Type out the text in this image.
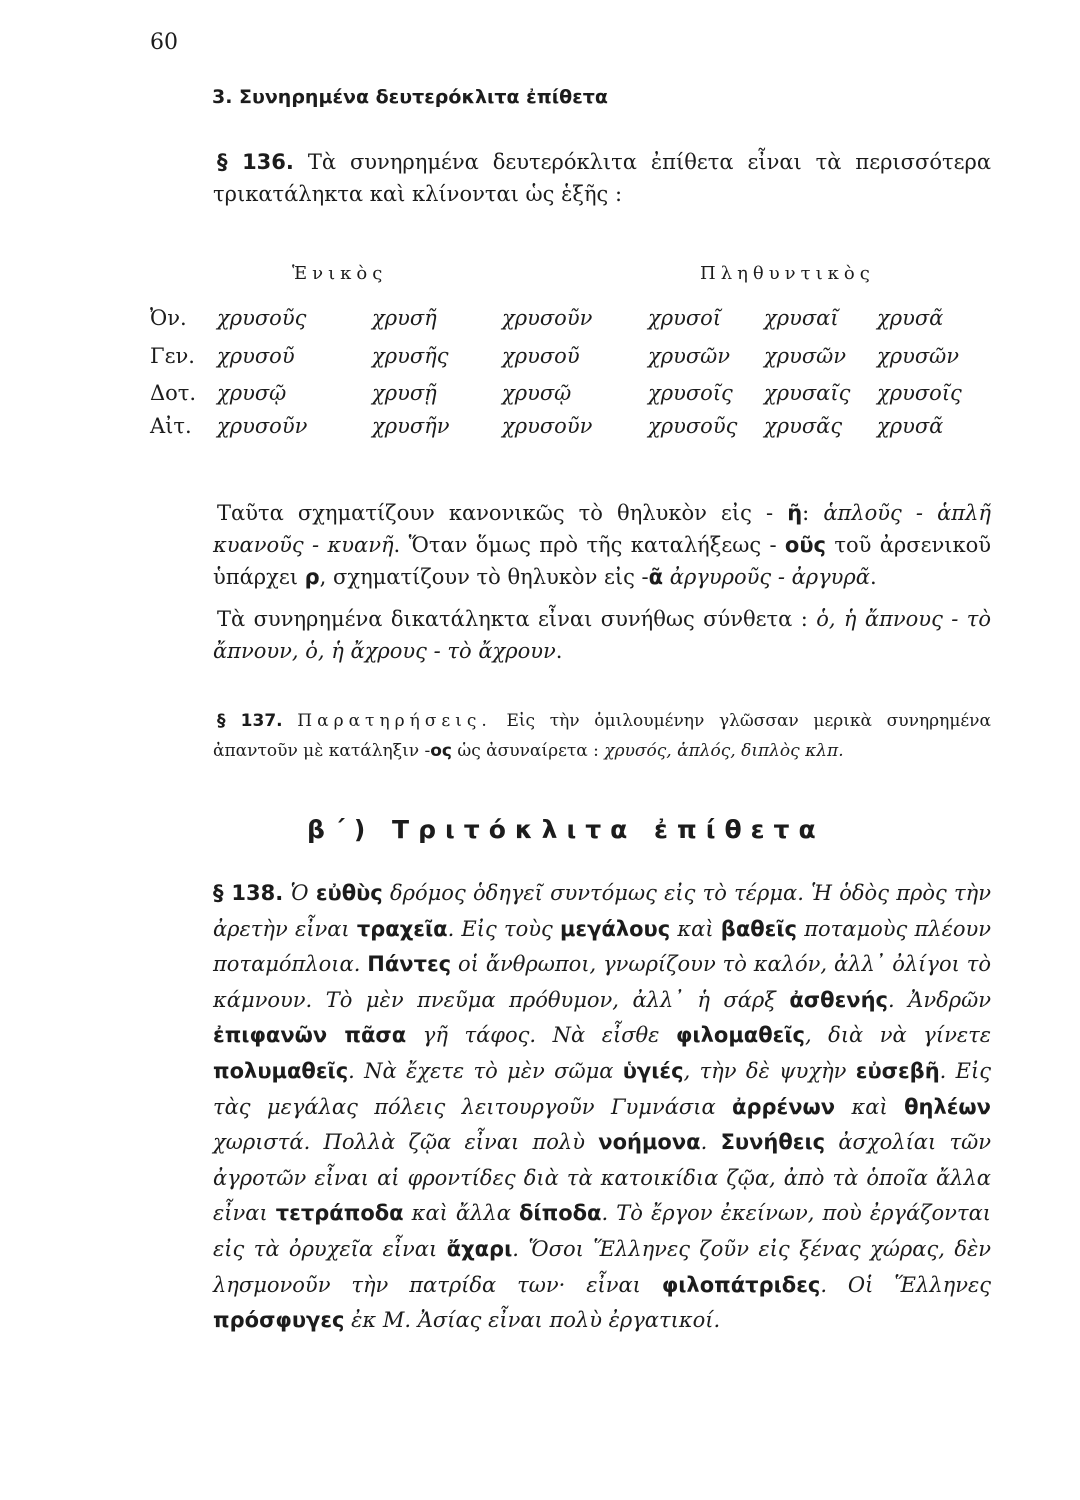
60
3. Συνηρημένα δευτερόκλιτα ἐπίθετα

§ 136. Τὰ συνηρημένα δευτερόκλιτα ἐπίθετα εἶναι τὰ περισσότερα τρικατάληκτα καὶ κλίνονται ὡς ἑξῆς :

Ἑνικὸς	Πληθυντικὸς
Ὀν. χρυσοῦς	χρυσῆ	χρυσοῦν	χρυσοῖ χρυσαῖ χρυσᾶ
Γεν. χρυσοῦ	χρυσῆς	χρυσοῦ	χρυσῶν χρυσῶν χρυσῶν
Δοτ. χρυσῷ	χρυσῇ	χρυσῷ	χρυσοῖς χρυσαῖς χρυσοῖς
Αἰτ. χρυσοῦν	χρυσῆν χρυσοῦν	χρυσοῦς χρυσᾶς χρυσᾶ

Ταῦτα σχηματίζουν κανονικῶς τὸ θηλυκὸν εἰς - ῆ: ἁπλοῦς - ἁπλῆ κυανοῦς - κυανῆ. Ὅταν ὅμως πρὸ τῆς καταλήξεως - οῦς τοῦ ἀρσενικοῦ ὑπάρχει ρ, σχηματίζουν τὸ θηλυκὸν εἰς -ᾶ ἀργυροῦς - ἀργυρᾶ.

Τὰ συνηρημένα δικατάληκτα εἶναι συνήθως σύνθετα : ὁ, ἡ ἄπνους - τὸ ἄπνουν, ὁ, ἡ ἄχρους - τὸ ἄχρουν.

§ 137. Παρατηρήσεις. Εἰς τὴν ὁμιλουμένην γλῶσσαν μερικὰ συνηρημένα ἀπαντοῦν μὲ κατάληξιν -ος ὡς ἀσυναίρετα : χρυσός, ἁπλός, διπλὸς κλπ.

β΄) Τριτόκλιτα ἐπίθετα

§ 138. Ὁ εὐθὺς δρόμος ὁδηγεῖ συντόμως εἰς τὸ τέρμα. Ἡ ὁδὸς πρὸς τὴν ἀρετὴν εἶναι τραχεῖα. Εἰς τοὺς μεγάλους καὶ βαθεῖς ποταμοὺς πλέουν ποταμόπλοια. Πάντες οἱ ἄνθρωποι, γνωρίζουν τὸ καλόν, ἀλλ᾽ ὀλίγοι τὸ κάμνουν. Τὸ μὲν πνεῦμα πρόθυμον, ἀλλ᾽ ἡ σάρξ ἀσθενής. Ἀνδρῶν ἐπιφανῶν πᾶσα γῆ τάφος. Νὰ εἶσθε φιλομαθεῖς, διὰ νὰ γίνετε πολυμαθεῖς. Νὰ ἔχετε τὸ μὲν σῶμα ὑγιές, τὴν δὲ ψυχὴν εὐσεβῆ. Εἰς τὰς μεγάλας πόλεις λειτουργοῦν Γυμνάσια ἀρρένων καὶ θηλέων χωριστά. Πολλὰ ζῷα εἶναι πολὺ νοήμονα. Συνήθεις ἀσχολίαι τῶν ἀγροτῶν εἶναι αἱ φροντίδες διὰ τὰ κατοικίδια ζῷα, ἀπὸ τὰ ὁποῖα ἄλλα εἶναι τετράποδα καὶ ἄλλα δίποδα. Τὸ ἔργον ἐκείνων, ποὺ ἐργάζονται εἰς τὰ ὀρυχεῖα εἶναι ἄχαρι. Ὅσοι Ἕλληνες ζοῦν εἰς ξένας χώρας, δὲν λησμονοῦν τὴν πατρίδα των· εἶναι φιλοπάτριδες. Οἱ Ἕλληνες πρόσφυγες ἐκ Μ. Ἀσίας εἶναι πολὺ ἐργατικοί.
